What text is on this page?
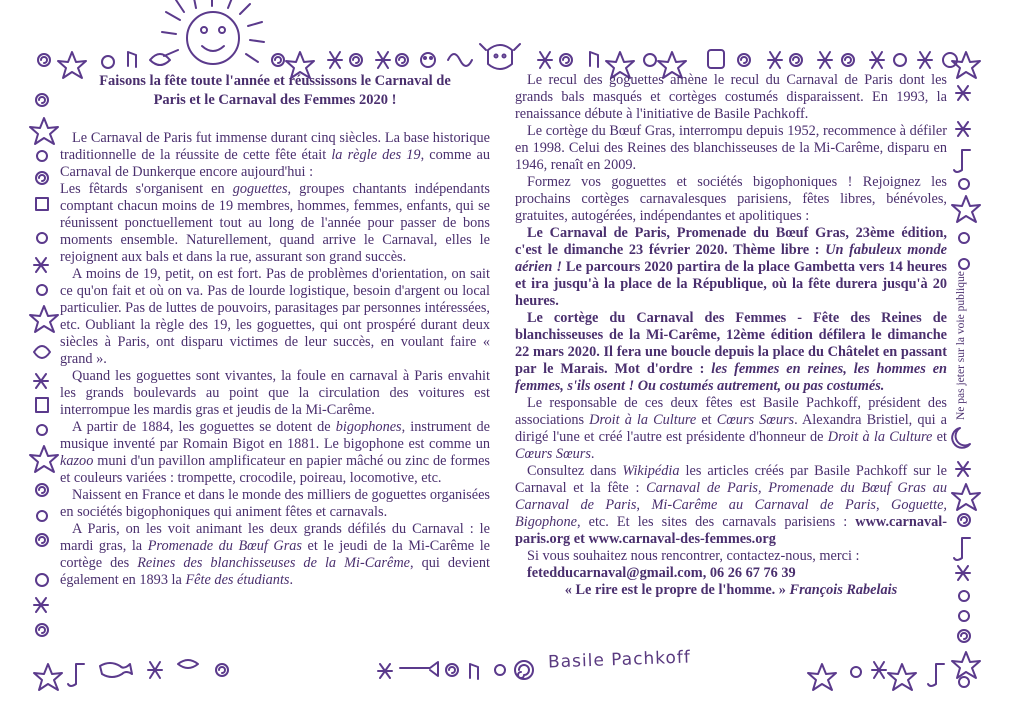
Faisons la fête toute l'année et réussissons le Carnaval de
Paris et le Carnaval des Femmes 2020 !

Le Carnaval de Paris fut immense durant cinq siècles. La base historique traditionnelle de la réussite de cette fête était la règle des 19, comme au Carnaval de Dunkerque encore aujourd'hui :

Les fêtards s'organisent en goguettes, groupes chantants indépendants comptant chacun moins de 19 membres, hommes, femmes, enfants, qui se réunissent ponctuellement tout au long de l'année pour passer de bons moments ensemble. Naturellement, quand arrive le Carnaval, elles le rejoignent aux bals et dans la rue, assurant son grand succès.

A moins de 19, petit, on est fort. Pas de problèmes d'orientation, on sait ce qu'on fait et où on va. Pas de lourde logistique, besoin d'argent ou local particulier. Pas de luttes de pouvoirs, parasitages par personnes intéressées, etc. Oubliant la règle des 19, les goguettes, qui ont prospéré durant deux siècles à Paris, ont disparu victimes de leur succès, en voulant faire « grand ».

Quand les goguettes sont vivantes, la foule en carnaval à Paris envahit les grands boulevards au point que la circulation des voitures est interrompue les mardis gras et jeudis de la Mi-Carême.

A partir de 1884, les goguettes se dotent de bigophones, instrument de musique inventé par Romain Bigot en 1881. Le bigophone est comme un kazoo muni d'un pavillon amplificateur en papier mâché ou zinc de formes et couleurs variées : trompette, crocodile, poireau, locomotive, etc.

Naissent en France et dans le monde des milliers de goguettes organisées en sociétés bigophoniques qui animent fêtes et carnavals.

A Paris, on les voit animant les deux grands défilés du Carnaval : le mardi gras, la Promenade du Bœuf Gras et le jeudi de la Mi-Carême le cortège des Reines des blanchisseuses de la Mi-Carême, qui devient également en 1893 la Fête des étudiants.

Le recul des goguettes amène le recul du Carnaval de Paris dont les grands bals masqués et cortèges costumés disparaissent. En 1993, la renaissance débute à l'initiative de Basile Pachkoff.

Le cortège du Bœuf Gras, interrompu depuis 1952, recommence à défiler en 1998. Celui des Reines des blanchisseuses de la Mi-Carême, disparu en 1946, renaît en 2009.

Formez vos goguettes et sociétés bigophoniques ! Rejoignez les prochains cortèges carnavalesques parisiens, fêtes libres, bénévoles, gratuites, autogérées, indépendantes et apolitiques :

Le Carnaval de Paris, Promenade du Bœuf Gras, 23ème édition, c'est le dimanche 23 février 2020. Thème libre : Un fabuleux monde aérien ! Le parcours 2020 partira de la place Gambetta vers 14 heures et ira jusqu'à la place de la République, où la fête durera jusqu'à 20 heures.

Le cortège du Carnaval des Femmes - Fête des Reines de blanchisseuses de la Mi-Carême, 12ème édition défilera le dimanche 22 mars 2020. Il fera une boucle depuis la place du Châtelet en passant par le Marais. Mot d'ordre : les femmes en reines, les hommes en femmes, s'ils osent ! Ou costumés autrement, ou pas costumés.

Le responsable de ces deux fêtes est Basile Pachkoff, président des associations Droit à la Culture et Cœurs Sœurs. Alexandra Bristiel, qui a dirigé l'une et créé l'autre est présidente d'honneur de Droit à la Culture et Cœurs Sœurs.

Consultez dans Wikipédia les articles créés par Basile Pachkoff sur le Carnaval et la fête : Carnaval de Paris, Promenade du Bœuf Gras au Carnaval de Paris, Mi-Carême au Carnaval de Paris, Goguette, Bigophone, etc. Et les sites des carnavals parisiens : www.carnaval-paris.org et www.carnaval-des-femmes.org

Si vous souhaitez nous rencontrer, contactez-nous, merci :

fetedducarnaval@gmail.com, 06 26 67 76 39

« Le rire est le propre de l'homme. » François Rabelais

Basile Pachkoff
Ne pas jeter sur la voie publique
